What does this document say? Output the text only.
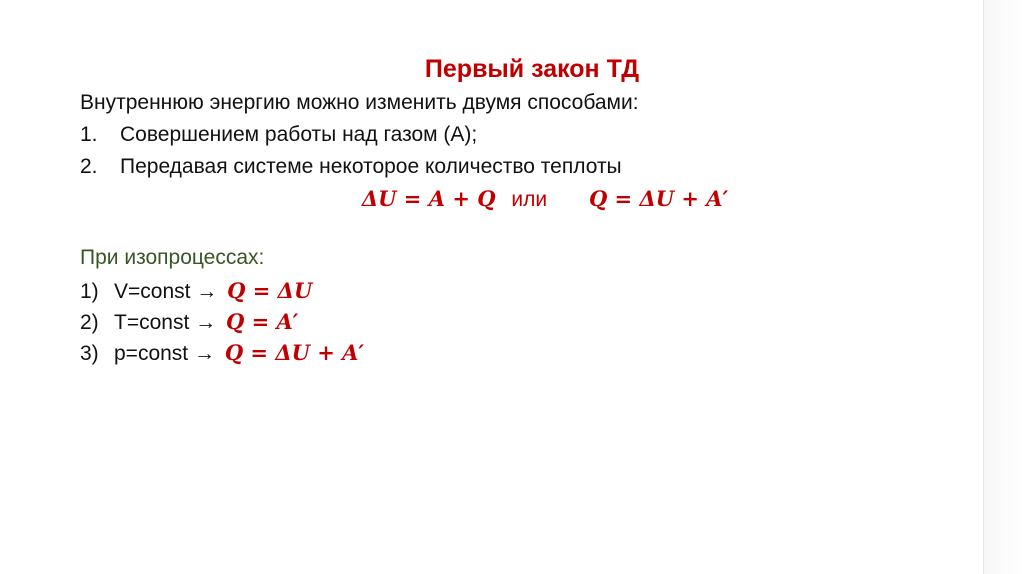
Первый закон ТД
Внутреннюю энергию можно изменить двумя способами:
1. Совершением работы над газом (A);
2. Передавая системе некоторое количество теплоты
ΔU = A + Q или Q = ΔU + A′
При изопроцессах:
1) V=const → Q = ΔU
2) T=const → Q = A′
3) p=const → Q = ΔU + A′
